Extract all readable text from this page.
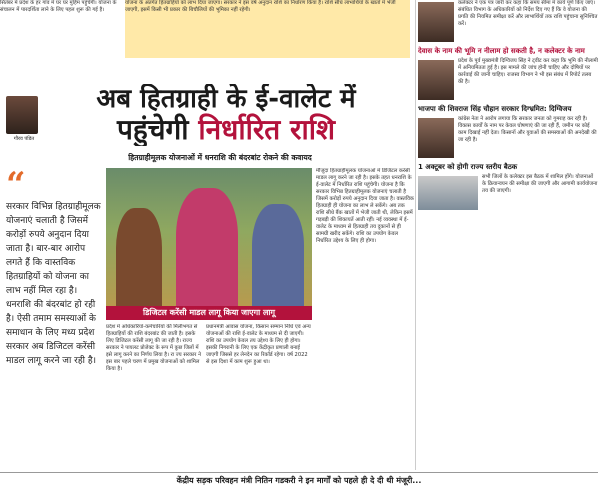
सितंबर में प्रदेश के हर गांव में घर घर मुहिम पहुंचेगी। योजना के संचालन में पारदर्शिता लाने के लिए पहल शुरू की गई है।
योजना के अंतर्गत हितग्राहियों को लाभ दिया जाएगा। सरकार ने इस वर्ष अनुदान राशि का निर्धारण किया है। राशि सीधे लाभार्थियों के खातों में भेजी जाएगी, इसमें किसी भी प्रकार की बिचौलियों की भूमिका नहीं रहेगी।
गौरव पंडित
अब हितग्राही के ई-वालेट में
पहुंचेगी निर्धारित राशि
हितग्राहीमूलक योजनाओं में धनराशि की बंदरबांट रोकने की कवायद
“
सरकार विभिन्न हितग्राहीमूलक योजनाएं चलाती है जिसमें करोड़ों रुपये अनुदान दिया जाता है। बार-बार आरोप लगते हैं कि वास्तविक हितग्राहियों को योजना का लाभ नहीं मिल रहा है। धनराशि की बंदरबांट हो रही है। ऐसी तमाम समस्याओं के समाधान के लिए मध्य प्रदेश सरकार अब डिजिटल करेंसी माडल लागू करने जा रही है।
डिजिटल करेंसी माडल लागू किया जाएगा लागू
मौजूदा हितग्राहीमूलक योजनाओं में डिजिटल करेंसी माडल लागू करने जा रही है। इसके तहत धनराशि के ई-वालेट में निर्धारित राशि पहुंचेगी। योजना है कि सरकार विभिन्न हितग्राहीमूलक योजनाएं चलाती है जिसमें करोड़ों रुपये अनुदान दिया जाता है। वास्तविक हितग्राही ही योजना का लाभ ले सकेंगे। अब तक राशि सीधे बैंक खातों में भेजी जाती थी, लेकिन इसमें गड़बड़ी की शिकायतें आती रहीं। नई व्यवस्था में ई-वालेट के माध्यम से हितग्राही तय दुकानों से ही सामग्री खरीद सकेंगे। राशि का उपयोग केवल निर्धारित उद्देश्य के लिए ही होगा।
प्रदेश में अधिकारियों-कर्मचारियों की मिलीभगत से हितग्राहियों की राशि बंदरबांट की जाती है। इसके लिए डिजिटल करेंसी लागू की जा रही है। राज्य सरकार ने पायलट प्रोजेक्ट के रूप में कुछ जिलों में इसे लागू करने का निर्णय लिया है। रा ज्य सरकार ने इस बार पहले चरण में प्रमुख योजनाओं को शामिल किया है।
प्रधानमंत्री आवास योजना, किसान सम्मान निधि एवं अन्य योजनाओं की राशि ई-वालेट के माध्यम से दी जाएगी। राशि का उपयोग केवल तय उद्देश्य के लिए ही होगा। इसकी निगरानी के लिए एक केंद्रीकृत प्रणाली बनाई जाएगी जिससे हर लेनदेन का रिकॉर्ड रहेगा। वर्ष 2022 से इस दिशा में काम शुरू हुआ था।
कलेक्टर ने एक पत्र जारी कर कहा कि समय सीमा में कार्य पूर्ण किए जाएं। संबंधित विभाग के अधिकारियों को निर्देश दिए गए हैं कि वे योजना की प्रगति की नियमित समीक्षा करें और लाभार्थियों तक राशि पहुंचाना सुनिश्चित करें।
देवास के नाम की भूमि न नीलाम हो सकती है, न कलेक्टर के नाम
प्रदेश के पूर्व मुख्यमंत्री दिग्विजय सिंह ने ट्वीट कर कहा कि भूमि की नीलामी में अनियमितता हुई है। इस मामले की जांच होनी चाहिए और दोषियों पर कार्रवाई की जानी चाहिए। राजस्व विभाग ने भी इस संबंध में रिपोर्ट तलब की है।
भाजपा की शिवराज सिंह चौहान सरकार दिग्भ्रमित: दिग्विजय
कांग्रेस नेता ने आरोप लगाया कि सरकार जनता को गुमराह कर रही है। विकास कार्यों के नाम पर केवल घोषणाएं की जा रही हैं, जमीन पर कोई काम दिखाई नहीं देता। किसानों और युवाओं की समस्याओं की अनदेखी की जा रही है।
1 अक्टूबर को होगी राज्य स्तरीय बैठक
सभी जिलों के कलेक्टर इस बैठक में शामिल होंगे। योजनाओं के क्रियान्वयन की समीक्षा की जाएगी और आगामी कार्ययोजना तय की जाएगी।
केंद्रीय सड़क परिवहन मंत्री नितिन गडकरी ने इन मार्गों को पहले ही दे दी थी मंजूरी...
